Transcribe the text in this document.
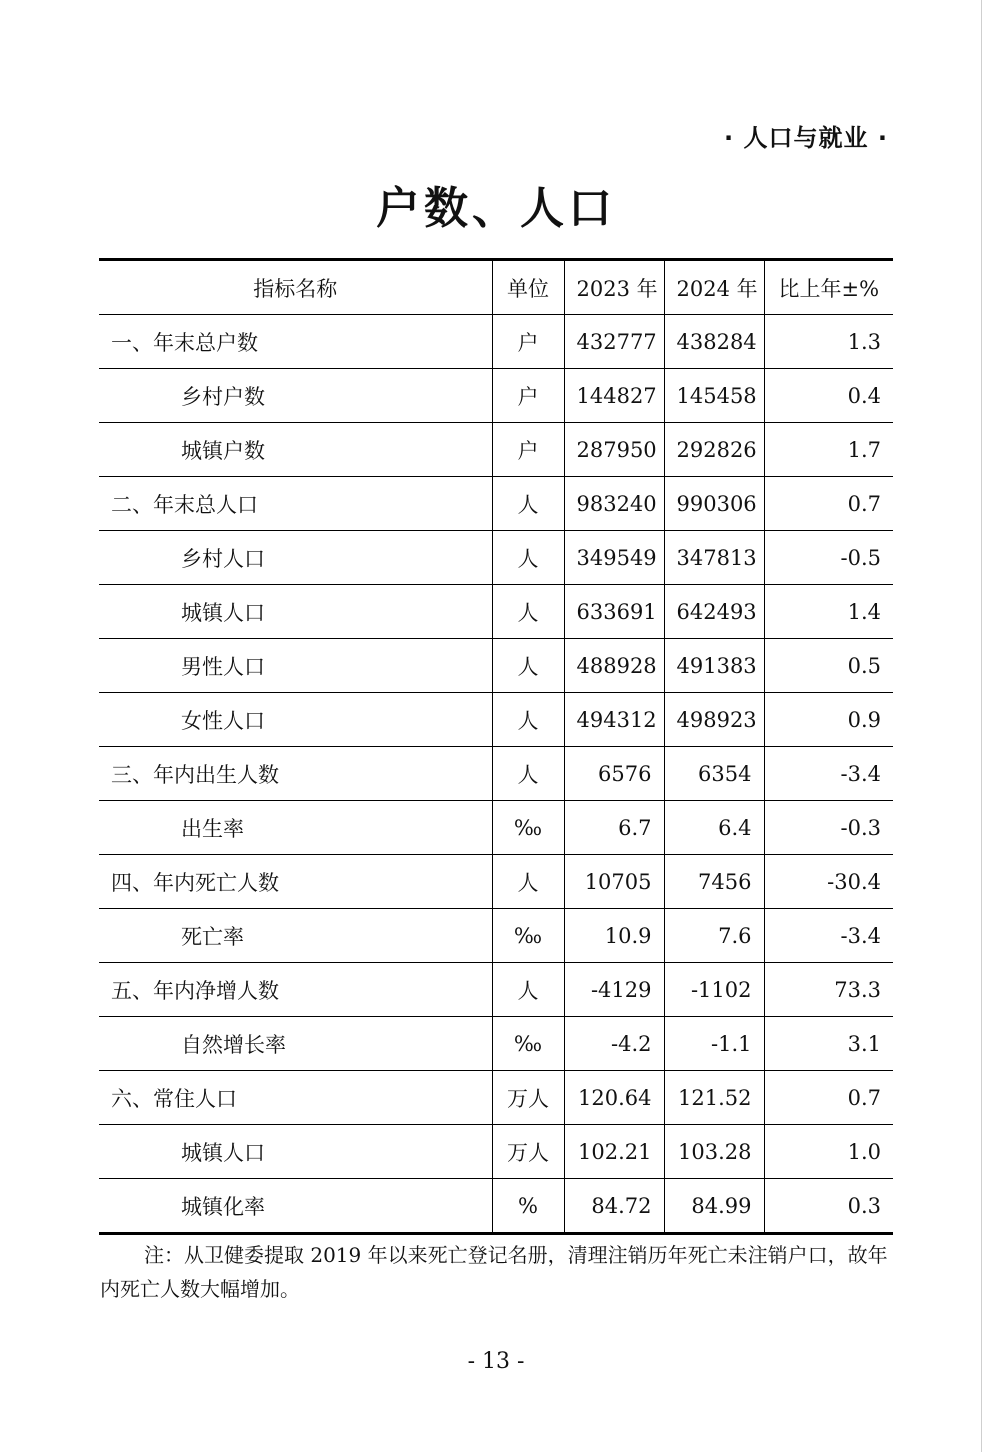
· 人口与就业 ·
户数、人口
指标名称	单位	2023 年	2024 年	比上年±%
一、年末总户数	户	432777	438284	1.3
乡村户数	户	144827	145458	0.4
城镇户数	户	287950	292826	1.7
二、年末总人口	人	983240	990306	0.7
乡村人口	人	349549	347813	-0.5
城镇人口	人	633691	642493	1.4
男性人口	人	488928	491383	0.5
女性人口	人	494312	498923	0.9
三、年内出生人数	人	6576	6354	-3.4
出生率	‰	6.7	6.4	-0.3
四、年内死亡人数	人	10705	7456	-30.4
死亡率	‰	10.9	7.6	-3.4
五、年内净增人数	人	-4129	-1102	73.3
自然增长率	‰	-4.2	-1.1	3.1
六、常住人口	万人	120.64	121.52	0.7
城镇人口	万人	102.21	103.28	1.0
城镇化率	%	84.72	84.99	0.3
注：从卫健委提取 2019 年以来死亡登记名册，清理注销历年死亡未注销户口，故年内死亡人数大幅增加。
- 13 -
